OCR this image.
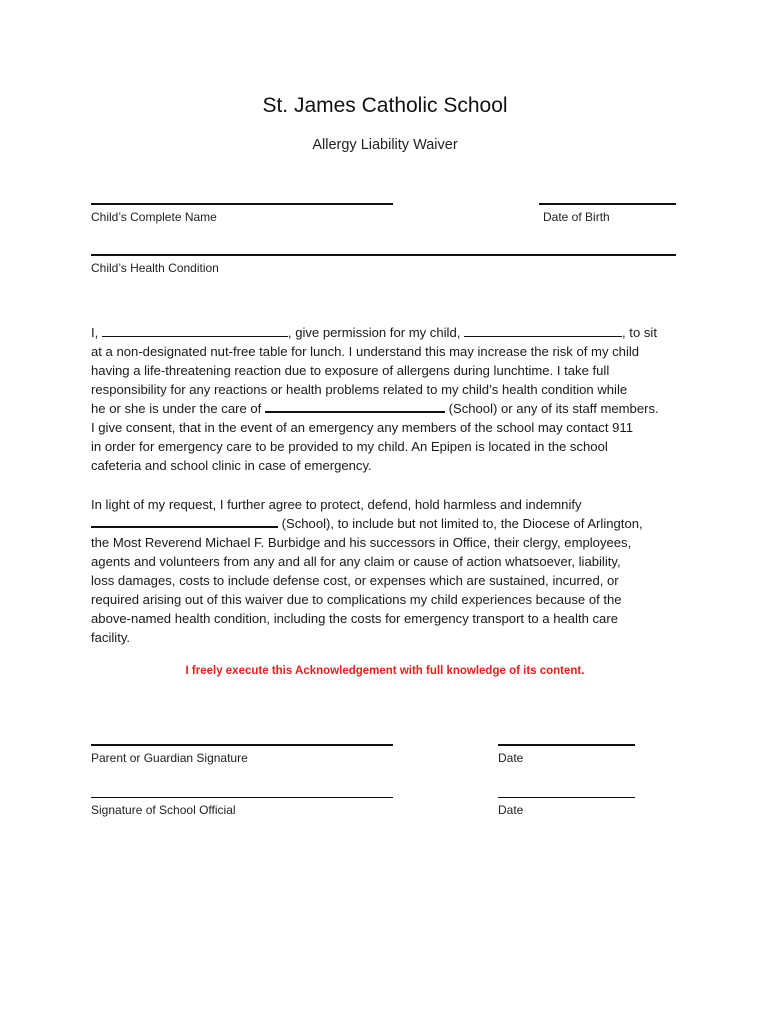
St. James Catholic School
Allergy Liability Waiver
Child’s Complete Name	Date of Birth
Child’s Health Condition
I,	, give permission for my child,	, to sit
at a non-designated nut-free table for lunch. I understand this may increase the risk of my child
having a life-threatening reaction due to exposure of allergens during lunchtime. I take full
responsibility for any reactions or health problems related to my child’s health condition while
he or she is under the care of	(School) or any of its staff members.
I give consent, that in the event of an emergency any members of the school may contact 911
in order for emergency care to be provided to my child. An Epipen is located in the school
cafeteria and school clinic in case of emergency.
In light of my request, I further agree to protect, defend, hold harmless and indemnify
(School), to include but not limited to, the Diocese of Arlington,
the Most Reverend Michael F. Burbidge and his successors in Office, their clergy, employees,
agents and volunteers from any and all for any claim or cause of action whatsoever, liability,
loss damages, costs to include defense cost, or expenses which are sustained, incurred, or
required arising out of this waiver due to complications my child experiences because of the
above-named health condition, including the costs for emergency transport to a health care
facility.
I freely execute this Acknowledgement with full knowledge of its content.
Parent or Guardian Signature	Date
Signature of School Official	Date
